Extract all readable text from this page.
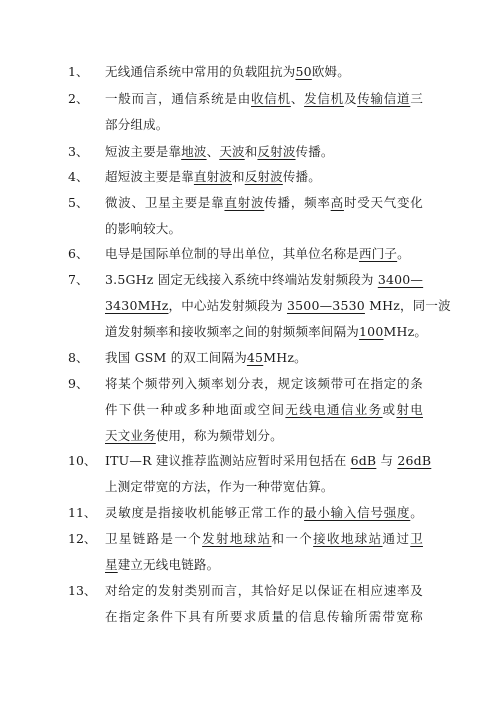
1、 无线通信系统中常用的负载阻抗为50欧姆。
2、 一般而言，通信系统是由收信机、发信机及传输信道三
部分组成。
3、 短波主要是靠地波、天波和反射波传播。
4、 超短波主要是靠直射波和反射波传播。
5、 微波、卫星主要是靠直射波传播，频率高时受天气变化
的影响较大。
6、 电导是国际单位制的导出单位，其单位名称是西门子。
7、 3.5GHz 固定无线接入系统中终端站发射频段为 3400—
3430MHz，中心站发射频段为 3500—3530 MHz，同一波
道发射频率和接收频率之间的射频频率间隔为100MHz。
8、 我国 GSM 的双工间隔为45MHz。
9、 将某个频带列入频率划分表，规定该频带可在指定的条
件下供一种或多种地面或空间无线电通信业务或射电
天文业务使用，称为频带划分。
10、 ITU—R 建议推荐监测站应暂时采用包括在 6dB 与 26dB
上测定带宽的方法，作为一种带宽估算。
11、 灵敏度是指接收机能够正常工作的最小输入信号强度。
12、 卫星链路是一个发射地球站和一个接收地球站通过卫
星建立无线电链路。
13、 对给定的发射类别而言，其恰好足以保证在相应速率及
在指定条件下具有所要求质量的信息传输所需带宽称
